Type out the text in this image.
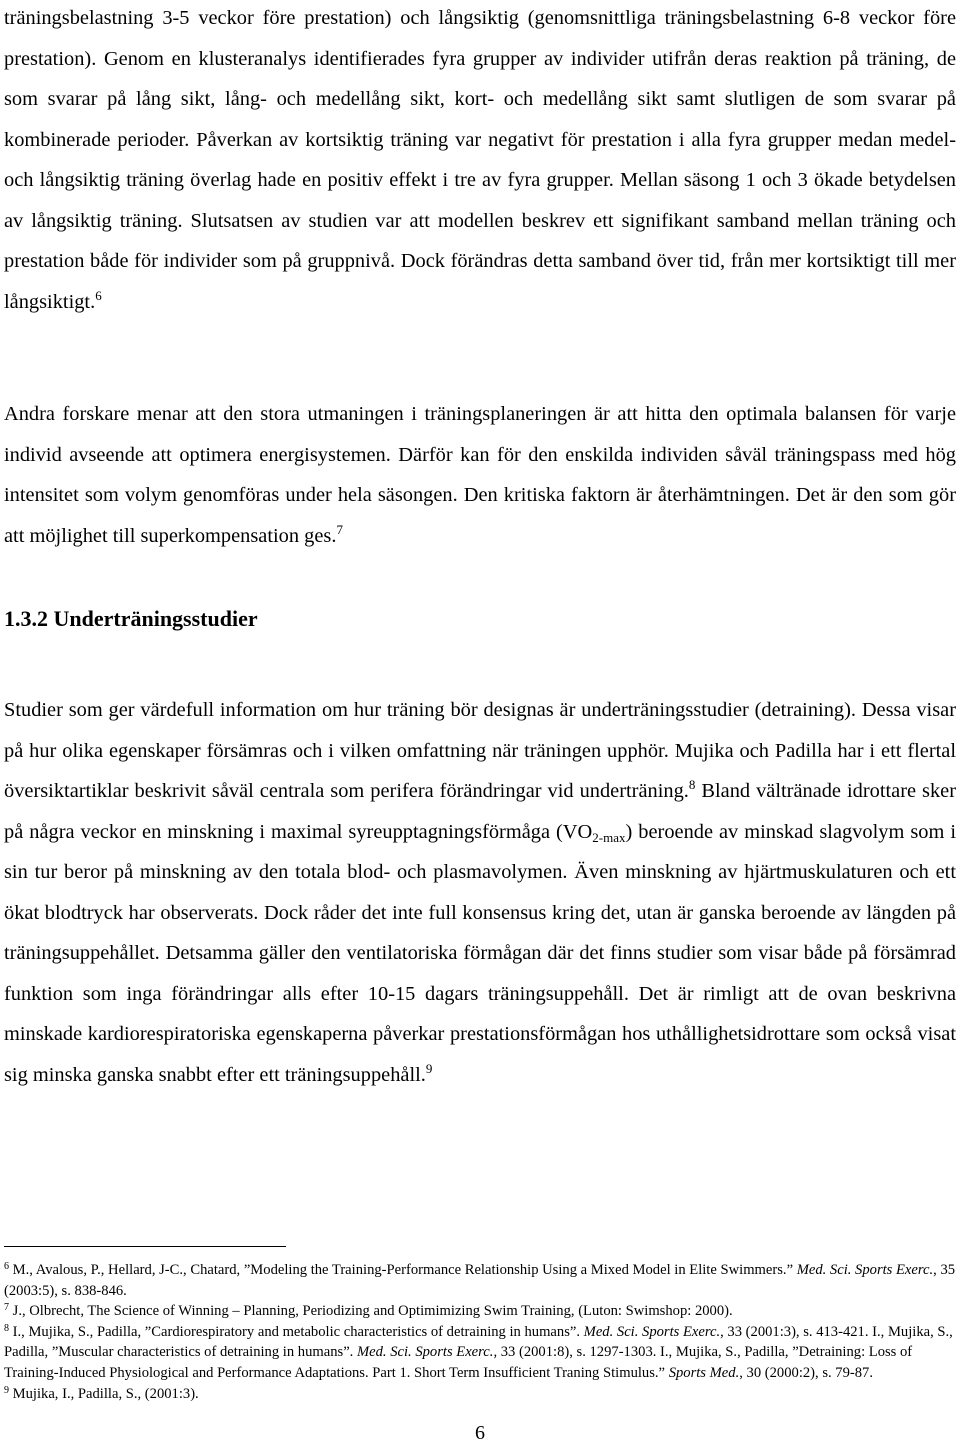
träningsbelastning 3-5 veckor före prestation) och långsiktig (genomsnittliga träningsbelastning 6-8 veckor före prestation). Genom en klusteranalys identifierades fyra grupper av individer utifrån deras reaktion på träning, de som svarar på lång sikt, lång- och medellång sikt, kort- och medellång sikt samt slutligen de som svarar på kombinerade perioder. Påverkan av kortsiktig träning var negativt för prestation i alla fyra grupper medan medel- och långsiktig träning överlag hade en positiv effekt i tre av fyra grupper. Mellan säsong 1 och 3 ökade betydelsen av långsiktig träning. Slutsatsen av studien var att modellen beskrev ett signifikant samband mellan träning och prestation både för individer som på gruppnivå. Dock förändras detta samband över tid, från mer kortsiktigt till mer långsiktigt.$^6$

Andra forskare menar att den stora utmaningen i träningsplaneringen är att hitta den optimala balansen för varje individ avseende att optimera energisystemen. Därför kan för den enskilda individen såväl träningspass med hög intensitet som volym genomföras under hela säsongen. Den kritiska faktorn är återhämtningen. Det är den som gör att möjlighet till superkompensation ges.$^7$

1.3.2 Underträningsstudier

Studier som ger värdefull information om hur träning bör designas är underträningsstudier (detraining). Dessa visar på hur olika egenskaper försämras och i vilken omfattning när träningen upphör. Mujika och Padilla har i ett flertal översiktartiklar beskrivit såväl centrala som perifera förändringar vid underträning.$^8$ Bland vältränade idrottare sker på några veckor en minskning i maximal syreupptagningsförmåga $(VO_{2-max})$ beroende av minskad slagvolym som i sin tur beror på minskning av den totala blod- och plasmavolymen. Även minskning av hjärtmuskulaturen och ett ökat blodtryck har observerats. Dock råder det inte full konsensus kring det, utan är ganska beroende av längden på träningsuppehållet. Detsamma gäller den ventilatoriska förmågan där det finns studier som visar både på försämrad funktion som inga förändringar alls efter 10-15 dagars träningsuppehåll. Det är rimligt att de ovan beskrivna minskade kardiorespiratoriska egenskaperna påverkar prestationsförmågan hos uthållighetsidrottare som också visat sig minska ganska snabbt efter ett träningsuppehåll.$^9$

$^6$ M., Avalous, P., Hellard, J-C., Chatard, ”Modeling the Training-Performance Relationship Using a Mixed Model in Elite Swimmers.” Med. Sci. Sports Exerc., 35 (2003:5), s. 838-846.

$^7$ J., Olbrecht, The Science of Winning – Planning, Periodizing and Optimimizing Swim Training, (Luton: Swimshop: 2000).

$^8$ I., Mujika, S., Padilla, ”Cardiorespiratory and metabolic characteristics of detraining in humans”. Med. Sci. Sports Exerc., 33 (2001:3), s. 413-421. I., Mujika, S., Padilla, ”Muscular characteristics of detraining in humans”. Med. Sci. Sports Exerc., 33 (2001:8), s. 1297-1303. I., Mujika, S., Padilla, ”Detraining: Loss of Training-Induced Physiological and Performance Adaptations. Part 1. Short Term Insufficient Traning Stimulus.” Sports Med., 30 (2000:2), s. 79-87.

$^9$ Mujika, I., Padilla, S., (2001:3).

6
